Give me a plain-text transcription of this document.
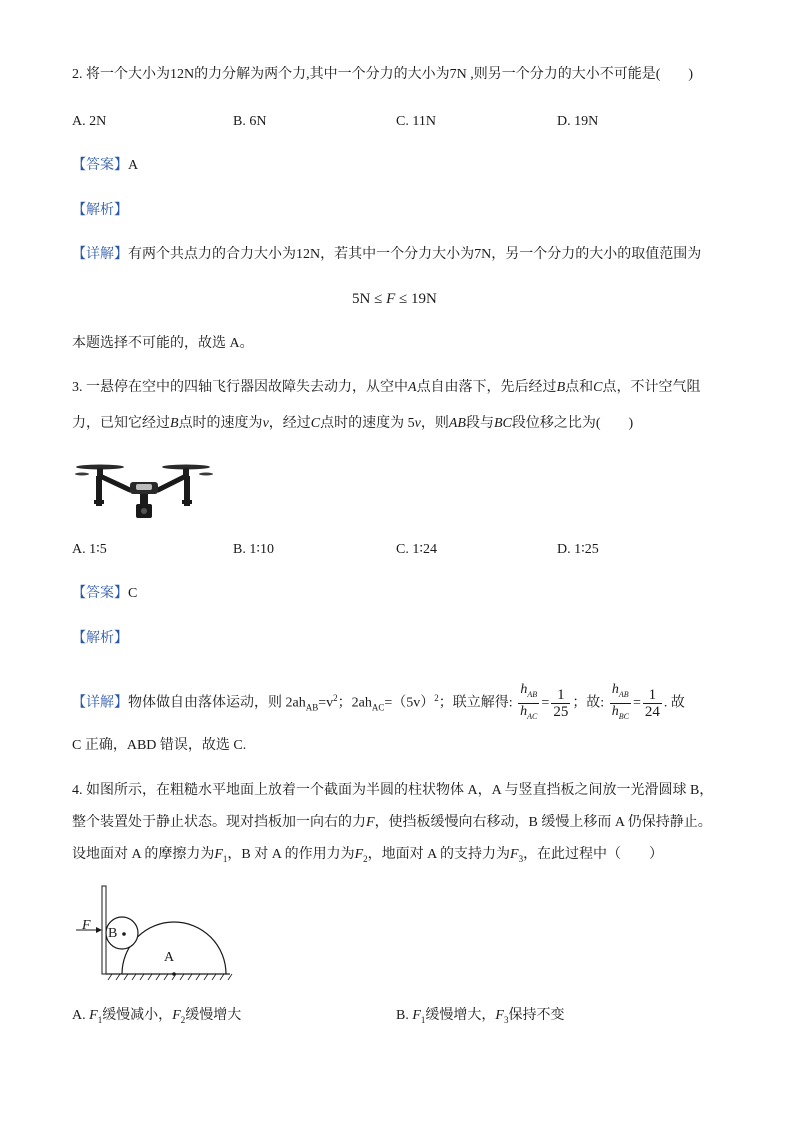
2. 将一个大小为12N的力分解为两个力,其中一个分力的大小为7N ,则另一个分力的大小不可能是(　　)
A. 2N	B. 6N	C. 11N	D. 19N
【答案】A
【解析】
【详解】有两个共点力的合力大小为12N，若其中一个分力大小为7N，另一个分力的大小的取值范围为
5N ≤ F ≤ 19N
本题选择不可能的，故选 A。
3. 一悬停在空中的四轴飞行器因故障失去动力，从空中A点自由落下，先后经过B点和C点，不计空气阻
力，已知它经过B点时的速度为v，经过C点时的速度为 5v，则AB段与BC段位移之比为(　　)
A. 1∶5	B. 1∶10	C. 1∶24	D. 1∶25
【答案】C
【解析】
【详解】物体做自由落体运动，则 $2ah_{AB}=v^2$；$2ah_{AC}=(5v)^2$；联立解得: $\frac{h_{AB}}{h_{AC}} = \frac{1}{25}$ ；故: $\frac{h_{AB}}{h_{BC}} = \frac{1}{24}$ . 故
C 正确，ABD 错误，故选 C.
4. 如图所示，在粗糙水平地面上放着一个截面为半圆的柱状物体 A，A 与竖直挡板之间放一光滑圆球 B，
整个装置处于静止状态。现对挡板加一向右的力F，使挡板缓慢向右移动，B 缓慢上移而 A 仍保持静止。
设地面对 A 的摩擦力为$F_1$，B 对 A 的作用力为$F_2$，地面对 A 的支持力为$F_3$，在此过程中（　　）
F
B
A
A. $F_1$缓慢减小，$F_2$缓慢增大	B. $F_1$缓慢增大，$F_3$保持不变
